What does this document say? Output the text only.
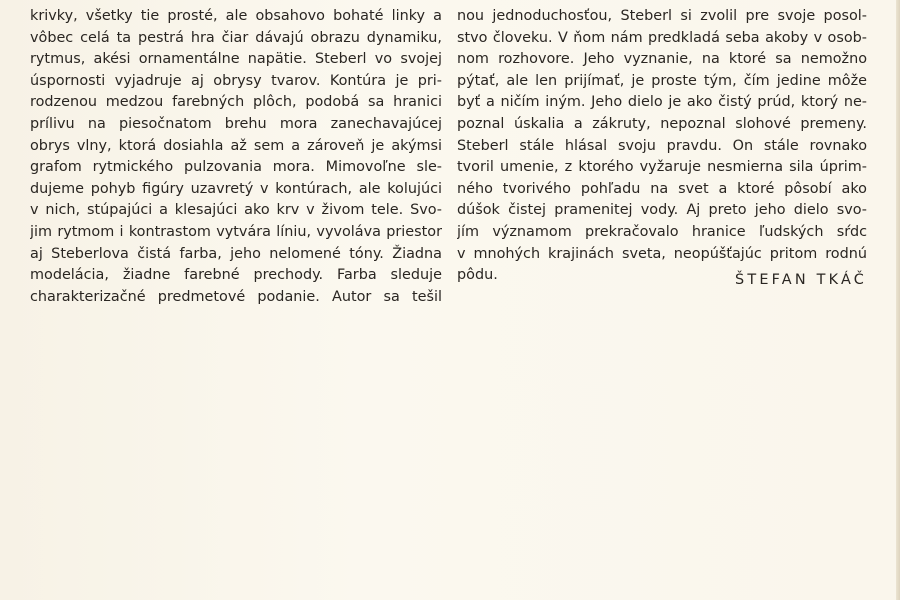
krivky, všetky tie prosté, ale obsahovo bohaté linky a
vôbec celá ta pestrá hra čiar dávajú obrazu dynamiku,
rytmus, akési ornamentálne napätie. Steberl vo svojej
úspornosti vyjadruje aj obrysy tvarov. Kontúra je pri-
rodzenou medzou farebných plôch, podobá sa hranici
prílivu na piesočnatom brehu mora zanechavajúcej
obrys vlny, ktorá dosiahla až sem a zároveň je akýmsi
grafom rytmického pulzovania mora. Mimovoľne sle-
dujeme pohyb figúry uzavretý v kontúrach, ale kolujúci
v nich, stúpajúci a klesajúci ako krv v živom tele. Svo-
jim rytmom i kontrastom vytvára líniu, vyvoláva priestor
aj Steberlova čistá farba, jeho nelomené tóny. Žiadna
modelácia, žiadne farebné prechody. Farba sleduje
charakterizačné predmetové podanie. Autor sa tešil
nou jednoduchosťou, Steberl si zvolil pre svoje posol-
stvo človeku. V ňom nám predkladá seba akoby v osob-
nom rozhovore. Jeho vyznanie, na ktoré sa nemožno
pýtať, ale len prijímať, je proste tým, čím jedine môže
byť a ničím iným. Jeho dielo je ako čistý prúd, ktorý ne-
poznal úskalia a zákruty, nepoznal slohové premeny.
Steberl stále hlásal svoju pravdu. On stále rovnako
tvoril umenie, z ktorého vyžaruje nesmierna sila úprim-
ného tvorivého pohľadu na svet a ktoré pôsobí ako
dúšok čistej pramenitej vody. Aj preto jeho dielo svo-
jím významom prekračovalo hranice ľudských sŕdc
v mnohých krajinách sveta, neopúšťajúc pritom rodnú
pôdu.	ŠTEFAN TKÁČ
